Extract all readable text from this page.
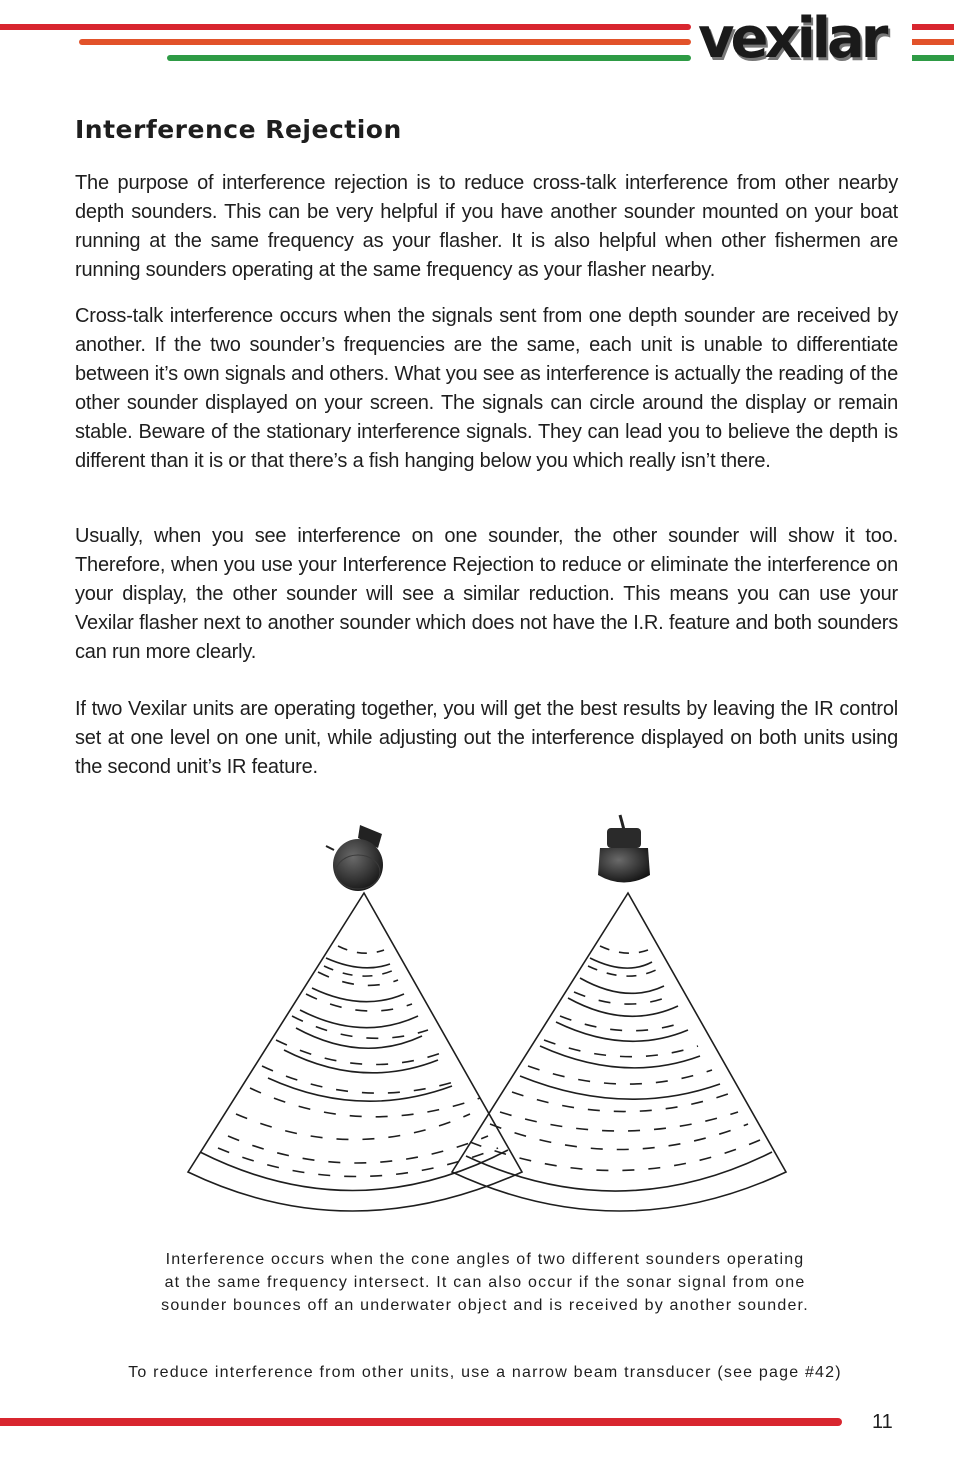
vexilar
Interference Rejection

The purpose of interference rejection is to reduce cross-talk interference from other nearby depth sounders. This can be very helpful if you have another sounder mounted on your boat running at the same frequency as your flasher. It is also helpful when other fishermen are running sounders operating at the same frequency as your flasher nearby.

Cross-talk interference occurs when the signals sent from one depth sounder are received by another. If the two sounder’s frequencies are the same, each unit is unable to differentiate between it’s own signals and others. What you see as interference is actually the reading of the other sounder displayed on your screen. The signals can circle around the display or remain stable. Beware of the stationary interference signals. They can lead you to believe the depth is different than it is or that there’s a fish hanging below you which really isn’t there.

Usually, when you see interference on one sounder, the other sounder will show it too. Therefore, when you use your Interference Rejection to reduce or eliminate the interference on your display, the other sounder will see a similar reduction. This means you can use your Vexilar flasher next to another sounder which does not have the I.R. feature and both sounders can run more clearly.

If two Vexilar units are operating together, you will get the best results by leaving the IR control set at one level on one unit, while adjusting out the interference displayed on both units using the second unit’s IR feature.

Interference occurs when the cone angles of two different sounders operating at the same frequency intersect. It can also occur if the sonar signal from one sounder bounces off an underwater object and is received by another sounder.

To reduce interference from other units, use a narrow beam transducer (see page #42)

11
